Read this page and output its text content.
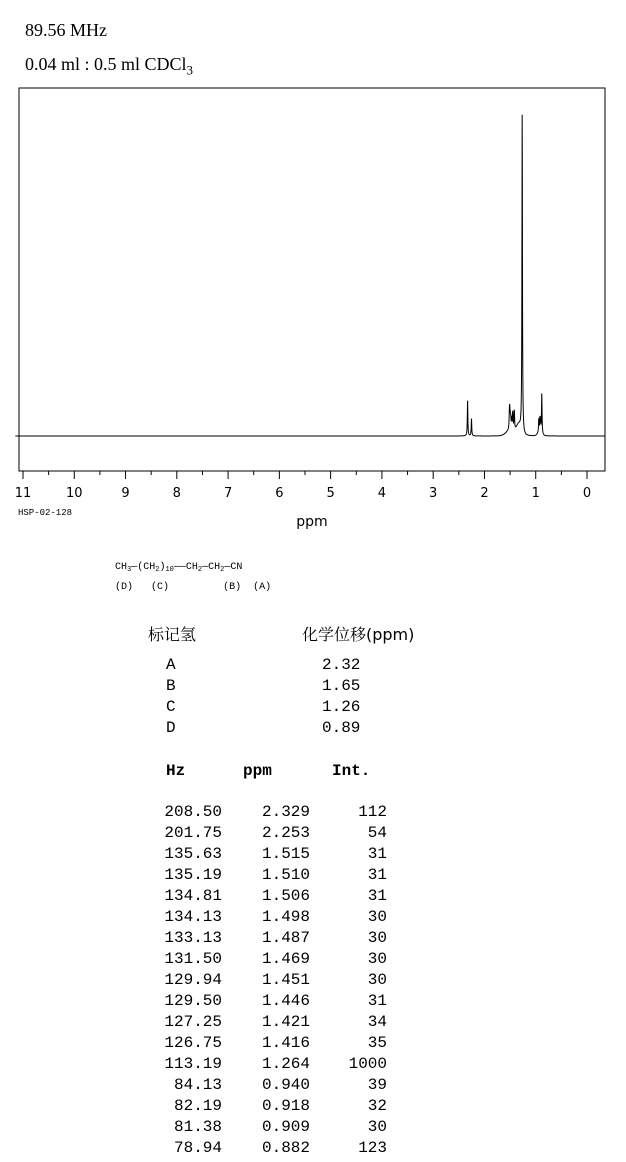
89.56 MHz
0.04 ml : 0.5 ml CDCl$_3$
11	10	9	8	7	6	5	4	3	2	1	0
ppm
HSP-02-128
$CH_3—(CH_2)_{10}——CH_2—CH_2—CN$
(D) (C)	(B) (A)
标记氢	化学位移(ppm)
A	2.32
B	1.65
C	1.26
D	0.89
Hz	ppm	Int.
208.50	2.329	112
201.75	2.253	54
135.63	1.515	31
135.19	1.510	31
134.81	1.506	31
134.13	1.498	30
133.13	1.487	30
131.50	1.469	30
129.94	1.451	30
129.50	1.446	31
127.25	1.421	34
126.75	1.416	35
113.19	1.264	1000
84.13	0.940	39
82.19	0.918	32
81.38	0.909	30
78.94	0.882	123
